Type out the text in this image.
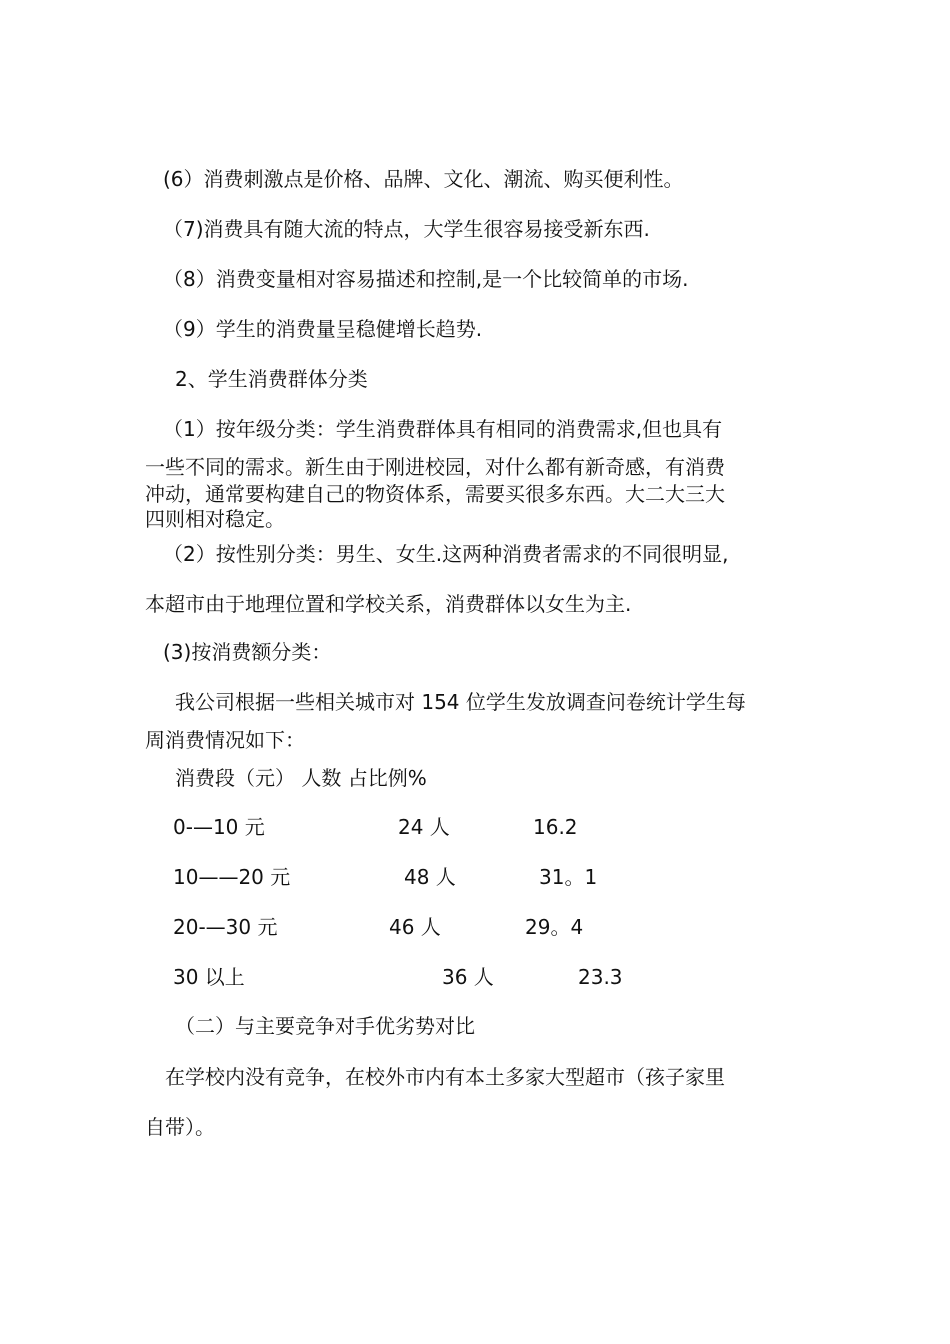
(6）消费刺激点是价格、品牌、文化、潮流、购买便利性。
（7)消费具有随大流的特点，大学生很容易接受新东西.
（8）消费变量相对容易描述和控制,是一个比较简单的市场.
（9）学生的消费量呈稳健增长趋势.
2、学生消费群体分类
（1）按年级分类：学生消费群体具有相同的消费需求,但也具有
一些不同的需求。新生由于刚进校园，对什么都有新奇感，有消费
冲动，通常要构建自己的物资体系，需要买很多东西。大二大三大
四则相对稳定。
（2）按性别分类：男生、女生.这两种消费者需求的不同很明显,
本超市由于地理位置和学校关系，消费群体以女生为主.
(3)按消费额分类：
我公司根据一些相关城市对 154 位学生发放调查问卷统计学生每
周消费情况如下：
消费段（元） 人数 占比例%
0-—10 元	24 人	16.2
10——20 元	48 人	31。1
20-—30 元	46 人	29。4
30 以上	36 人	23.3
（二）与主要竞争对手优劣势对比
在学校内没有竞争，在校外市内有本土多家大型超市（孩子家里
自带）。
